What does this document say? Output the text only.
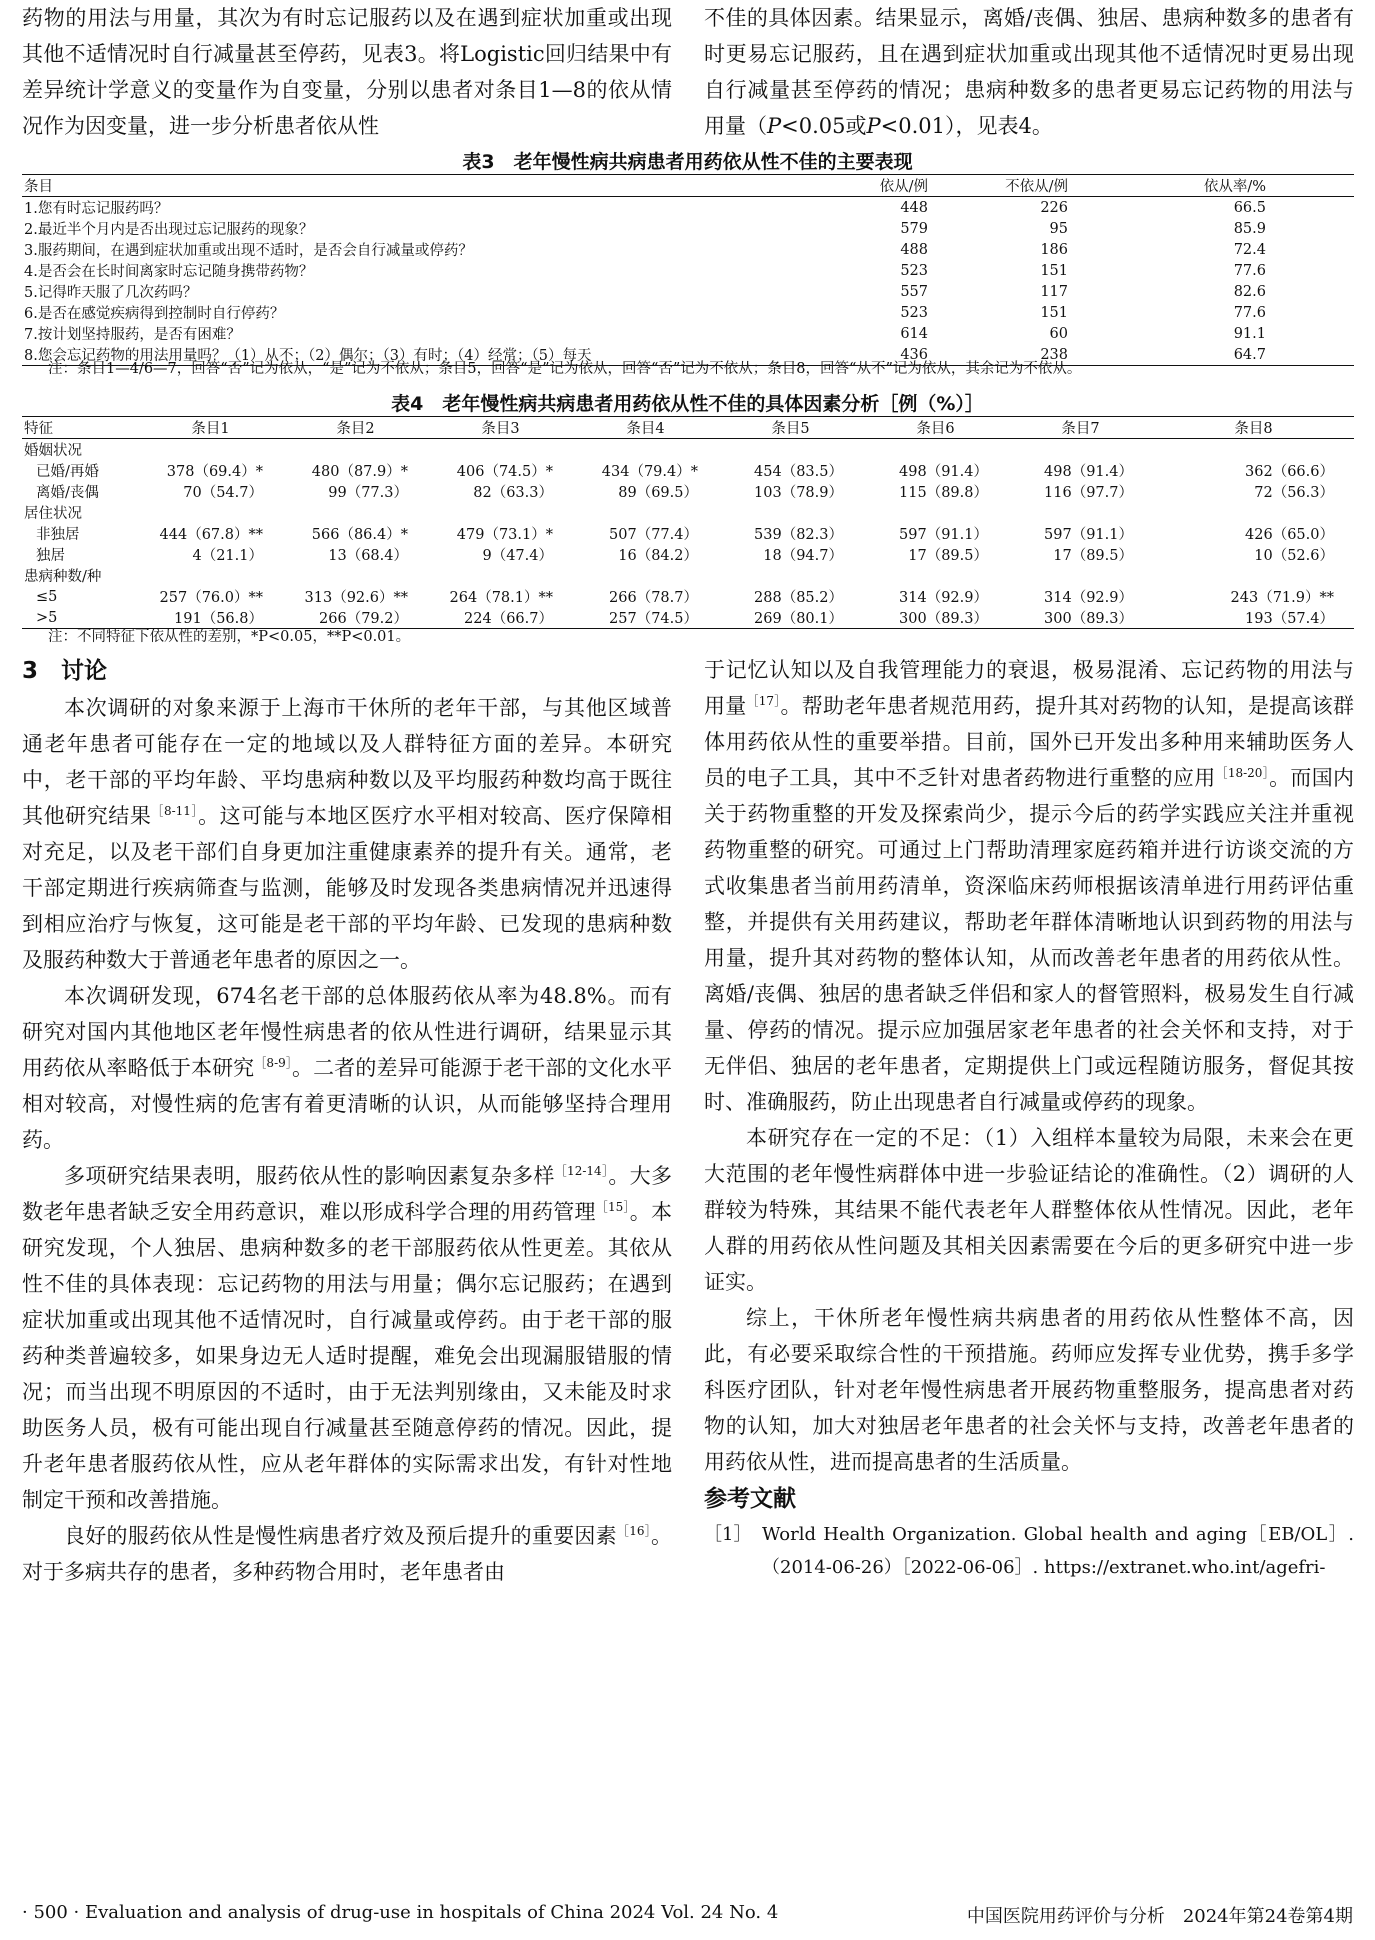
药物的用法与用量，其次为有时忘记服药以及在遇到症状加重或出现其他不适情况时自行减量甚至停药，见表3。将Logistic回归结果中有差异统计学意义的变量作为自变量，分别以患者对条目1—8的依从情况作为因变量，进一步分析患者依从性

不佳的具体因素。结果显示，离婚/丧偶、独居、患病种数多的患者有时更易忘记服药，且在遇到症状加重或出现其他不适情况时更易出现自行减量甚至停药的情况；患病种数多的患者更易忘记药物的用法与用量（P<0.05或P<0.01），见表4。

表3　老年慢性病共病患者用药依从性不佳的主要表现
条目	依从/例	不依从/例	依从率/%
1.您有时忘记服药吗？	448	226	66.5
2.最近半个月内是否出现过忘记服药的现象？	579	95	85.9
3.服药期间，在遇到症状加重或出现不适时，是否会自行减量或停药？	488	186	72.4
4.是否会在长时间离家时忘记随身携带药物？	523	151	77.6
5.记得昨天服了几次药吗？	557	117	82.6
6.是否在感觉疾病得到控制时自行停药？	523	151	77.6
7.按计划坚持服药，是否有困难？	614	60	91.1
8.您会忘记药物的用法用量吗？（1）从不；（2）偶尔；（3）有时；（4）经常；（5）每天	436	238	64.7
注：条目1—4/6—7，回答“否”记为依从，“是”记为不依从；条目5，回答“是”记为依从，回答“否”记为不依从；条目8，回答“从不”记为依从，其余记为不依从。
表4　老年慢性病共病患者用药依从性不佳的具体因素分析［例（%）］
特征	条目1	条目2	条目3	条目4	条目5	条目6	条目7	条目8
婚姻状况								
已婚/再婚	378（69.4）*	480（87.9）*	406（74.5）*	434（79.4）*	454（83.5）	498（91.4）	498（91.4）	362（66.6）
离婚/丧偶	70（54.7）	99（77.3）	82（63.3）	89（69.5）	103（78.9）	115（89.8）	116（97.7）	72（56.3）
居住状况								
非独居	444（67.8）**	566（86.4）*	479（73.1）*	507（77.4）	539（82.3）	597（91.1）	597（91.1）	426（65.0）
独居	4（21.1）	13（68.4）	9（47.4）	16（84.2）	18（94.7）	17（89.5）	17（89.5）	10（52.6）
患病种数/种								
≤5	257（76.0）**	313（92.6）**	264（78.1）**	266（78.7）	288（85.2）	314（92.9）	314（92.9）	243（71.9）**
>5	191（56.8）	266（79.2）	224（66.7）	257（74.5）	269（80.1）	300（89.3）	300（89.3）	193（57.4）
注：不同特征下依从性的差别，*P<0.05，**P<0.01。
3　讨论

本次调研的对象来源于上海市干休所的老年干部，与其他区域普通老年患者可能存在一定的地域以及人群特征方面的差异。本研究中，老干部的平均年龄、平均患病种数以及平均服药种数均高于既往其他研究结果$^{[8-11]}$。这可能与本地区医疗水平相对较高、医疗保障相对充足，以及老干部们自身更加注重健康素养的提升有关。通常，老干部定期进行疾病筛查与监测，能够及时发现各类患病情况并迅速得到相应治疗与恢复，这可能是老干部的平均年龄、已发现的患病种数及服药种数大于普通老年患者的原因之一。

本次调研发现，674名老干部的总体服药依从率为48.8%。而有研究对国内其他地区老年慢性病患者的依从性进行调研，结果显示其用药依从率略低于本研究$^{[8-9]}$。二者的差异可能源于老干部的文化水平相对较高，对慢性病的危害有着更清晰的认识，从而能够坚持合理用药。

多项研究结果表明，服药依从性的影响因素复杂多样$^{[12-14]}$。大多数老年患者缺乏安全用药意识，难以形成科学合理的用药管理$^{[15]}$。本研究发现，个人独居、患病种数多的老干部服药依从性更差。其依从性不佳的具体表现：忘记药物的用法与用量；偶尔忘记服药；在遇到症状加重或出现其他不适情况时，自行减量或停药。由于老干部的服药种类普遍较多，如果身边无人适时提醒，难免会出现漏服错服的情况；而当出现不明原因的不适时，由于无法判别缘由，又未能及时求助医务人员，极有可能出现自行减量甚至随意停药的情况。因此，提升老年患者服药依从性，应从老年群体的实际需求出发，有针对性地制定干预和改善措施。

良好的服药依从性是慢性病患者疗效及预后提升的重要因素$^{[16]}$。对于多病共存的患者，多种药物合用时，老年患者由

于记忆认知以及自我管理能力的衰退，极易混淆、忘记药物的用法与用量$^{[17]}$。帮助老年患者规范用药，提升其对药物的认知，是提高该群体用药依从性的重要举措。目前，国外已开发出多种用来辅助医务人员的电子工具，其中不乏针对患者药物进行重整的应用$^{[18-20]}$。而国内关于药物重整的开发及探索尚少，提示今后的药学实践应关注并重视药物重整的研究。可通过上门帮助清理家庭药箱并进行访谈交流的方式收集患者当前用药清单，资深临床药师根据该清单进行用药评估重整，并提供有关用药建议，帮助老年群体清晰地认识到药物的用法与用量，提升其对药物的整体认知，从而改善老年患者的用药依从性。离婚/丧偶、独居的患者缺乏伴侣和家人的督管照料，极易发生自行减量、停药的情况。提示应加强居家老年患者的社会关怀和支持，对于无伴侣、独居的老年患者，定期提供上门或远程随访服务，督促其按时、准确服药，防止出现患者自行减量或停药的现象。

本研究存在一定的不足：（1）入组样本量较为局限，未来会在更大范围的老年慢性病群体中进一步验证结论的准确性。（2）调研的人群较为特殊，其结果不能代表老年人群整体依从性情况。因此，老年人群的用药依从性问题及其相关因素需要在今后的更多研究中进一步证实。

综上，干休所老年慢性病共病患者的用药依从性整体不高，因此，有必要采取综合性的干预措施。药师应发挥专业优势，携手多学科医疗团队，针对老年慢性病患者开展药物重整服务，提高患者对药物的认知，加大对独居老年患者的社会关怀与支持，改善老年患者的用药依从性，进而提高患者的生活质量。

参考文献
［1］ World Health Organization. Global health and aging［EB/OL］.（2014-06-26）［2022-06-06］. https://extranet.who.int/agefri-
· 500 · Evaluation and analysis of drug-use in hospitals of China 2024 Vol. 24 No. 4	中国医院用药评价与分析　2024年第24卷第4期
